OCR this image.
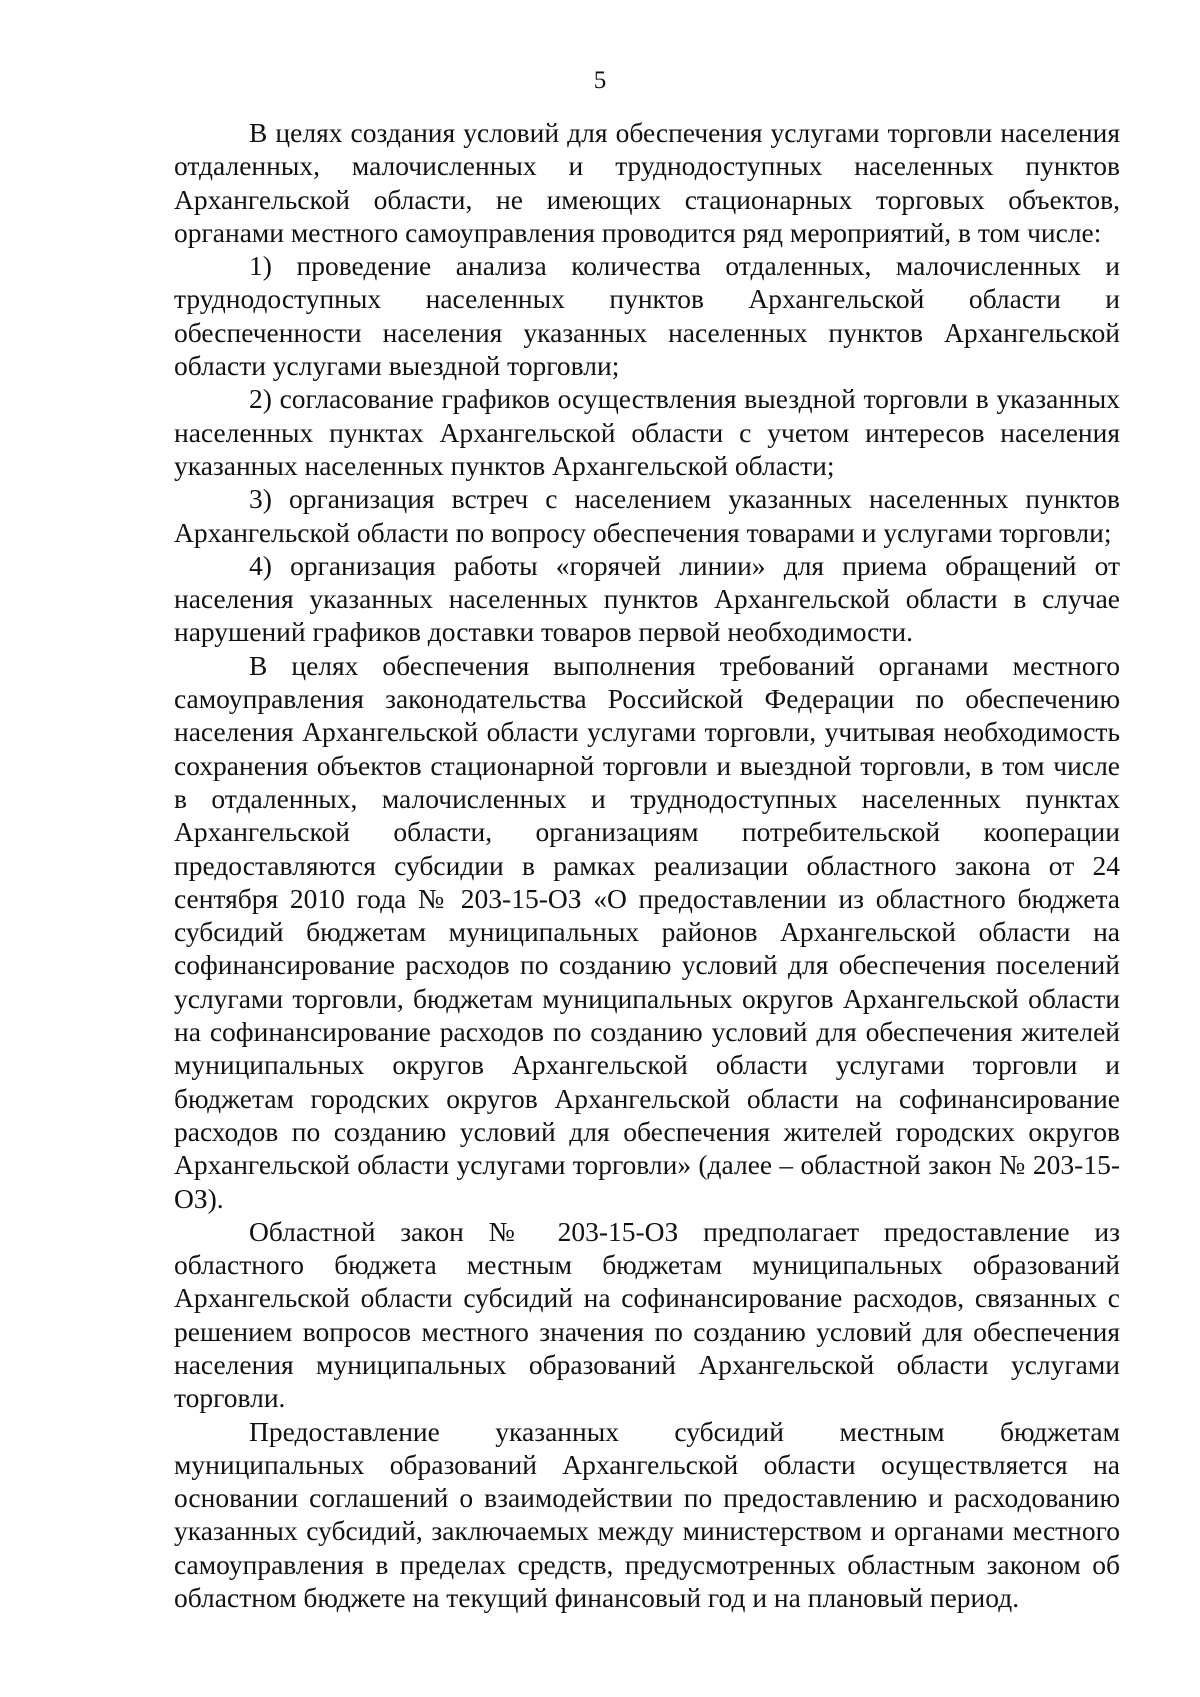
5

В целях создания условий для обеспечения услугами торговли населения отдаленных, малочисленных и труднодоступных населенных пунктов Архангельской области, не имеющих стационарных торговых объектов, органами местного самоуправления проводится ряд мероприятий, в том числе:

1) проведение анализа количества отдаленных, малочисленных и труднодоступных населенных пунктов Архангельской области и обеспеченности населения указанных населенных пунктов Архангельской области услугами выездной торговли;

2) согласование графиков осуществления выездной торговли в указанных населенных пунктах Архангельской области с учетом интересов населения указанных населенных пунктов Архангельской области;

3) организация встреч с населением указанных населенных пунктов Архангельской области по вопросу обеспечения товарами и услугами торговли;

4) организация работы «горячей линии» для приема обращений от населения указанных населенных пунктов Архангельской области в случае нарушений графиков доставки товаров первой необходимости.

В целях обеспечения выполнения требований органами местного самоуправления законодательства Российской Федерации по обеспечению населения Архангельской области услугами торговли, учитывая необходимость сохранения объектов стационарной торговли и выездной торговли, в том числе в отдаленных, малочисленных и труднодоступных населенных пунктах Архангельской области, организациям потребительской кооперации предоставляются субсидии в рамках реализации областного закона от 24 сентября 2010 года № 203-15-ОЗ «О предоставлении из областного бюджета субсидий бюджетам муниципальных районов Архангельской области на софинансирование расходов по созданию условий для обеспечения поселений услугами торговли, бюджетам муниципальных округов Архангельской области на софинансирование расходов по созданию условий для обеспечения жителей муниципальных округов Архангельской области услугами торговли и бюджетам городских округов Архангельской области на софинансирование расходов по созданию условий для обеспечения жителей городских округов Архангельской области услугами торговли» (далее – областной закон № 203-15-ОЗ).

Областной закон № 203-15-ОЗ предполагает предоставление из областного бюджета местным бюджетам муниципальных образований Архангельской области субсидий на софинансирование расходов, связанных с решением вопросов местного значения по созданию условий для обеспечения населения муниципальных образований Архангельской области услугами торговли.

Предоставление указанных субсидий местным бюджетам муниципальных образований Архангельской области осуществляется на основании соглашений о взаимодействии по предоставлению и расходованию указанных субсидий, заключаемых между министерством и органами местного самоуправления в пределах средств, предусмотренных областным законом об областном бюджете на текущий финансовый год и на плановый период.
